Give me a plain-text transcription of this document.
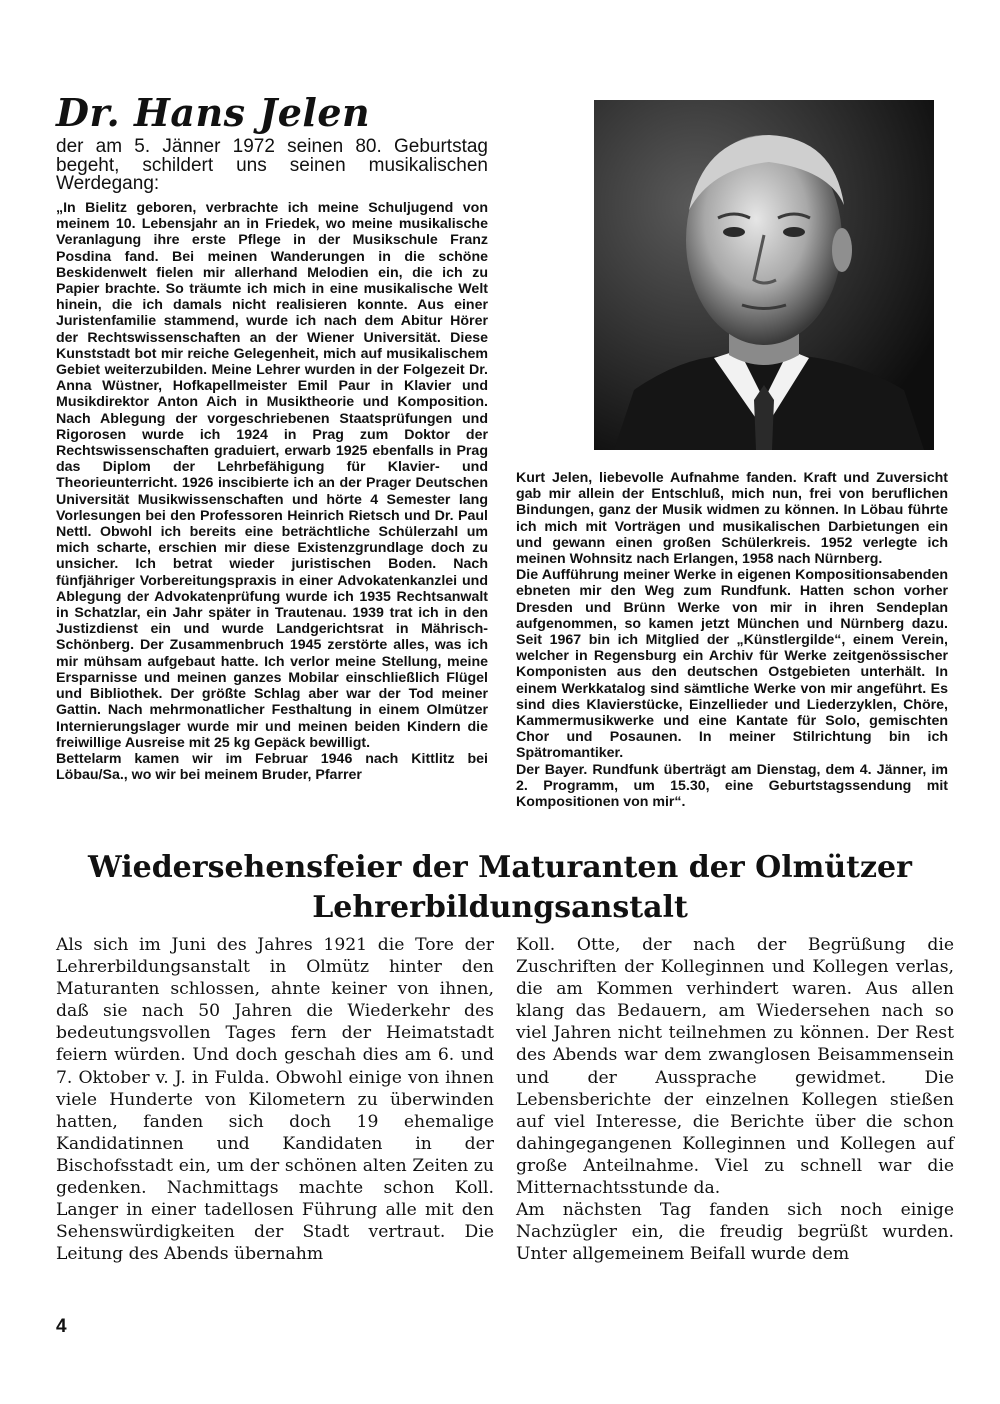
Dr. Hans Jelen

der am 5. Jänner 1972 seinen 80. Geburtstag begeht, schildert uns seinen musikalischen Werdegang:

„In Bielitz geboren, verbrachte ich meine Schuljugend von meinem 10. Lebensjahr an in Friedek, wo meine musikalische Veranlagung ihre erste Pflege in der Musikschule Franz Posdina fand. Bei meinen Wanderungen in die schöne Beskidenwelt fielen mir allerhand Melodien ein, die ich zu Papier brachte. So träumte ich mich in eine musikalische Welt hinein, die ich damals nicht realisieren konnte. Aus einer Juristenfamilie stammend, wurde ich nach dem Abitur Hörer der Rechtswissenschaften an der Wiener Universität. Diese Kunststadt bot mir reiche Gelegenheit, mich auf musikalischem Gebiet weiterzubilden. Meine Lehrer wurden in der Folgezeit Dr. Anna Wüstner, Hofkapellmeister Emil Paur in Klavier und Musikdirektor Anton Aich in Musiktheorie und Komposition. Nach Ablegung der vorgeschriebenen Staatsprüfungen und Rigorosen wurde ich 1924 in Prag zum Doktor der Rechtswissenschaften graduiert, erwarb 1925 ebenfalls in Prag das Diplom der Lehrbefähigung für Klavier- und Theorieunterricht. 1926 inscibierte ich an der Prager Deutschen Universität Musikwissenschaften und hörte 4 Semester lang Vorlesungen bei den Professoren Heinrich Rietsch und Dr. Paul Nettl. Obwohl ich bereits eine beträchtliche Schülerzahl um mich scharte, erschien mir diese Existenzgrundlage doch zu unsicher. Ich betrat wieder juristischen Boden. Nach fünfjähriger Vorbereitungspraxis in einer Advokatenkanzlei und Ablegung der Advokatenprüfung wurde ich 1935 Rechtsanwalt in Schatzlar, ein Jahr später in Trautenau. 1939 trat ich in den Justizdienst ein und wurde Landgerichtsrat in Mährisch-Schönberg. Der Zusammenbruch 1945 zerstörte alles, was ich mir mühsam aufgebaut hatte. Ich verlor meine Stellung, meine Ersparnisse und meinen ganzes Mobilar einschließlich Flügel und Bibliothek. Der größte Schlag aber war der Tod meiner Gattin. Nach mehrmonatlicher Festhaltung in einem Olmützer Internierungslager wurde mir und meinen beiden Kindern die freiwillige Ausreise mit 25 kg Gepäck bewilligt.

Bettelarm kamen wir im Februar 1946 nach Kittlitz bei Löbau/Sa., wo wir bei meinem Bruder, Pfarrer

Kurt Jelen, liebevolle Aufnahme fanden. Kraft und Zuversicht gab mir allein der Entschluß, mich nun, frei von beruflichen Bindungen, ganz der Musik widmen zu können. In Löbau führte ich mich mit Vorträgen und musikalischen Darbietungen ein und gewann einen großen Schülerkreis. 1952 verlegte ich meinen Wohnsitz nach Erlangen, 1958 nach Nürnberg.

Die Aufführung meiner Werke in eigenen Kompositionsabenden ebneten mir den Weg zum Rundfunk. Hatten schon vorher Dresden und Brünn Werke von mir in ihren Sendeplan aufgenommen, so kamen jetzt München und Nürnberg dazu. Seit 1967 bin ich Mitglied der „Künstlergilde“, einem Verein, welcher in Regensburg ein Archiv für Werke zeitgenössischer Komponisten aus den deutschen Ostgebieten unterhält. In einem Werkkatalog sind sämtliche Werke von mir angeführt. Es sind dies Klavierstücke, Einzellieder und Liederzyklen, Chöre, Kammermusikwerke und eine Kantate für Solo, gemischten Chor und Posaunen. In meiner Stilrichtung bin ich Spätromantiker.

Der Bayer. Rundfunk überträgt am Dienstag, dem 4. Jänner, im 2. Programm, um 15.30, eine Geburtstagssendung mit Kompositionen von mir“.

Wiedersehensfeier der Maturanten der Olmützer
Lehrerbildungsanstalt

Als sich im Juni des Jahres 1921 die Tore der Lehrerbildungsanstalt in Olmütz hinter den Maturanten schlossen, ahnte keiner von ihnen, daß sie nach 50 Jahren die Wiederkehr des bedeutungsvollen Tages fern der Heimatstadt feiern würden. Und doch geschah dies am 6. und 7. Oktober v. J. in Fulda. Obwohl einige von ihnen viele Hunderte von Kilometern zu überwinden hatten, fanden sich doch 19 ehemalige Kandidatinnen und Kandidaten in der Bischofsstadt ein, um der schönen alten Zeiten zu gedenken. Nachmittags machte schon Koll. Langer in einer tadellosen Führung alle mit den Sehenswürdigkeiten der Stadt vertraut. Die Leitung des Abends übernahm

Koll. Otte, der nach der Begrüßung die Zuschriften der Kolleginnen und Kollegen verlas, die am Kommen verhindert waren. Aus allen klang das Bedauern, am Wiedersehen nach so viel Jahren nicht teilnehmen zu können. Der Rest des Abends war dem zwanglosen Beisammensein und der Aussprache gewidmet. Die Lebensberichte der einzelnen Kollegen stießen auf viel Interesse, die Berichte über die schon dahingegangenen Kolleginnen und Kollegen auf große Anteilnahme. Viel zu schnell war die Mitternachtsstunde da.

Am nächsten Tag fanden sich noch einige Nachzügler ein, die freudig begrüßt wurden. Unter allgemeinem Beifall wurde dem

4
